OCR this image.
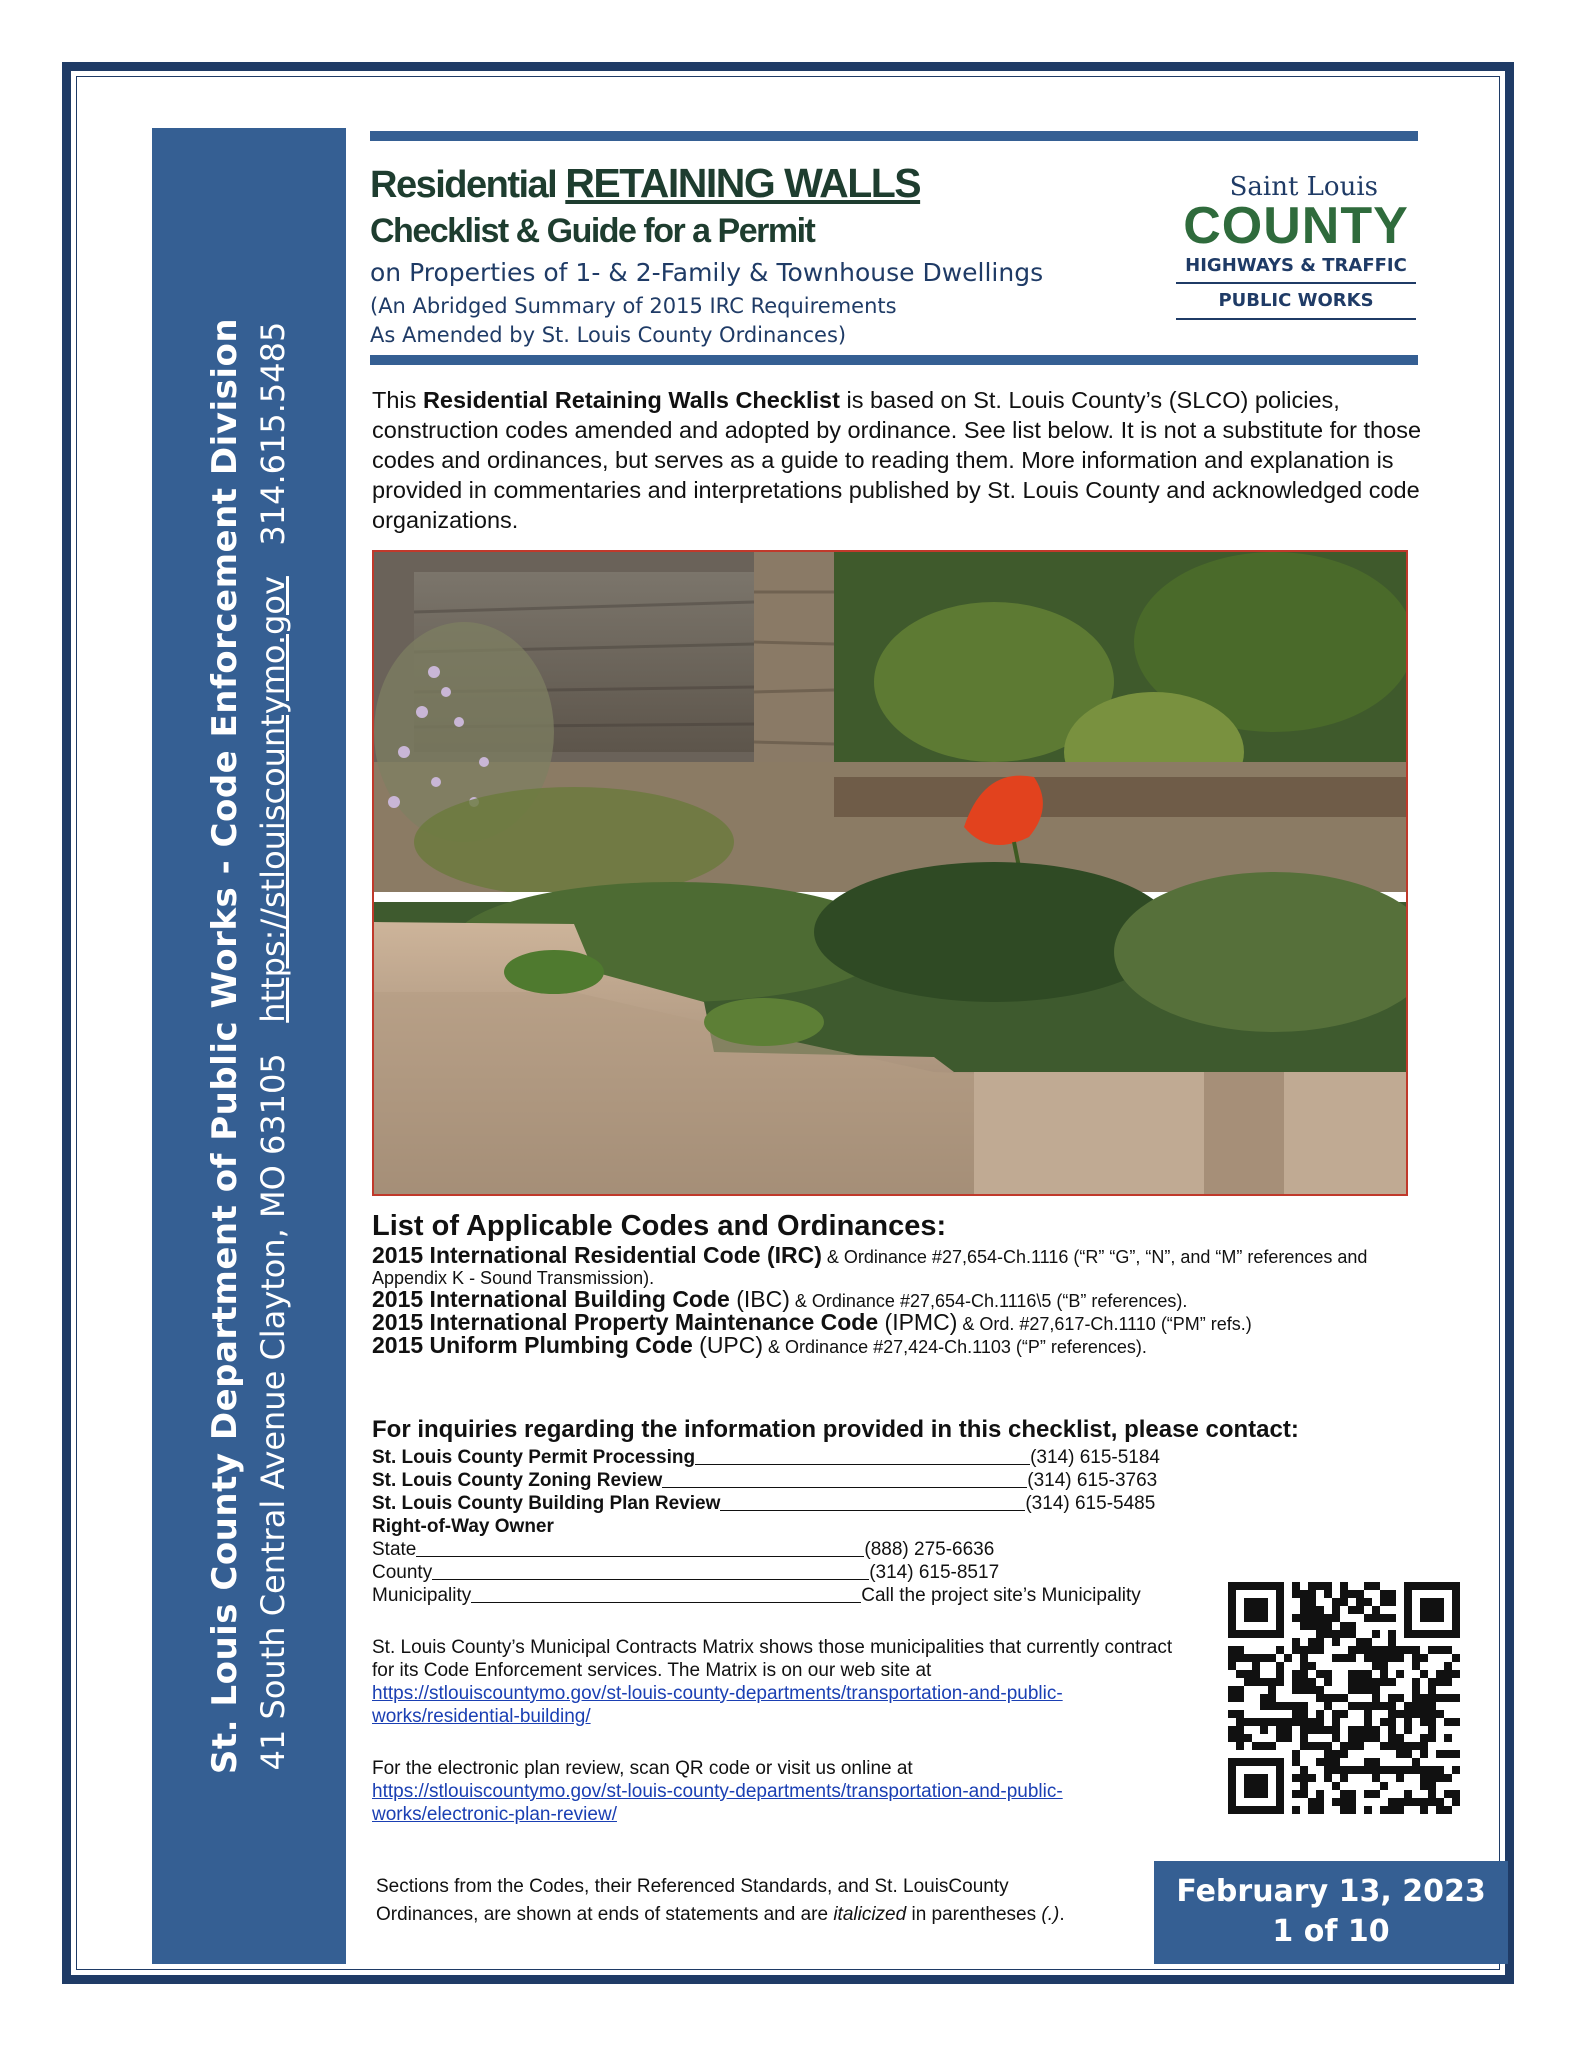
St. Louis County Department of Public Works - Code Enforcement Division 41 South Central Avenue Clayton, MO 63105   https://stlouiscountymo.gov   314.615.5485
Residential RETAINING WALLS
Checklist & Guide for a Permit
on Properties of 1- & 2-Family & Townhouse Dwellings
(An Abridged Summary of 2015 IRC Requirements
As Amended by St. Louis County Ordinances)
Saint Louis
COUNTY
HIGHWAYS & TRAFFIC
PUBLIC WORKS
This Residential Retaining Walls Checklist is based on St. Louis County’s (SLCO) policies, construction codes amended and adopted by ordinance. See list below. It is not a substitute for those codes and ordinances, but serves as a guide to reading them. More information and explanation is provided in commentaries and interpretations published by St. Louis County and acknowledged code organizations.
List of Applicable Codes and Ordinances:

2015 International Residential Code (IRC) & Ordinance #27,654-Ch.1116 (“R” “G”, “N”, and “M” references and Appendix K - Sound Transmission).

2015 International Building Code (IBC) & Ordinance #27,654-Ch.1116\5 (“B” references).

2015 International Property Maintenance Code (IPMC) & Ord. #27,617-Ch.1110 (“PM” refs.)

2015 Uniform Plumbing Code (UPC) & Ordinance #27,424-Ch.1103 (“P” references).

For inquiries regarding the information provided in this checklist, please contact:
St. Louis County Permit Processing	(314) 615-5184
St. Louis County Zoning Review	(314) 615-3763
St. Louis County Building Plan Review	(314) 615-5485
Right-of-Way Owner
State	(888) 275-6636
County	(314) 615-8517
Municipality	Call the project site’s Municipality
St. Louis County’s Municipal Contracts Matrix shows those municipalities that currently contract for its Code Enforcement services. The Matrix is on our web site at
https://stlouiscountymo.gov/st-louis-county-departments/transportation-and-public-works/residential-building/
For the electronic plan review, scan QR code or visit us online at
https://stlouiscountymo.gov/st-louis-county-departments/transportation-and-public-works/electronic-plan-review/
Sections from the Codes, their Referenced Standards, and St. LouisCounty Ordinances, are shown at ends of statements and are italicized in parentheses (.).
February 13, 2023
1 of 10
